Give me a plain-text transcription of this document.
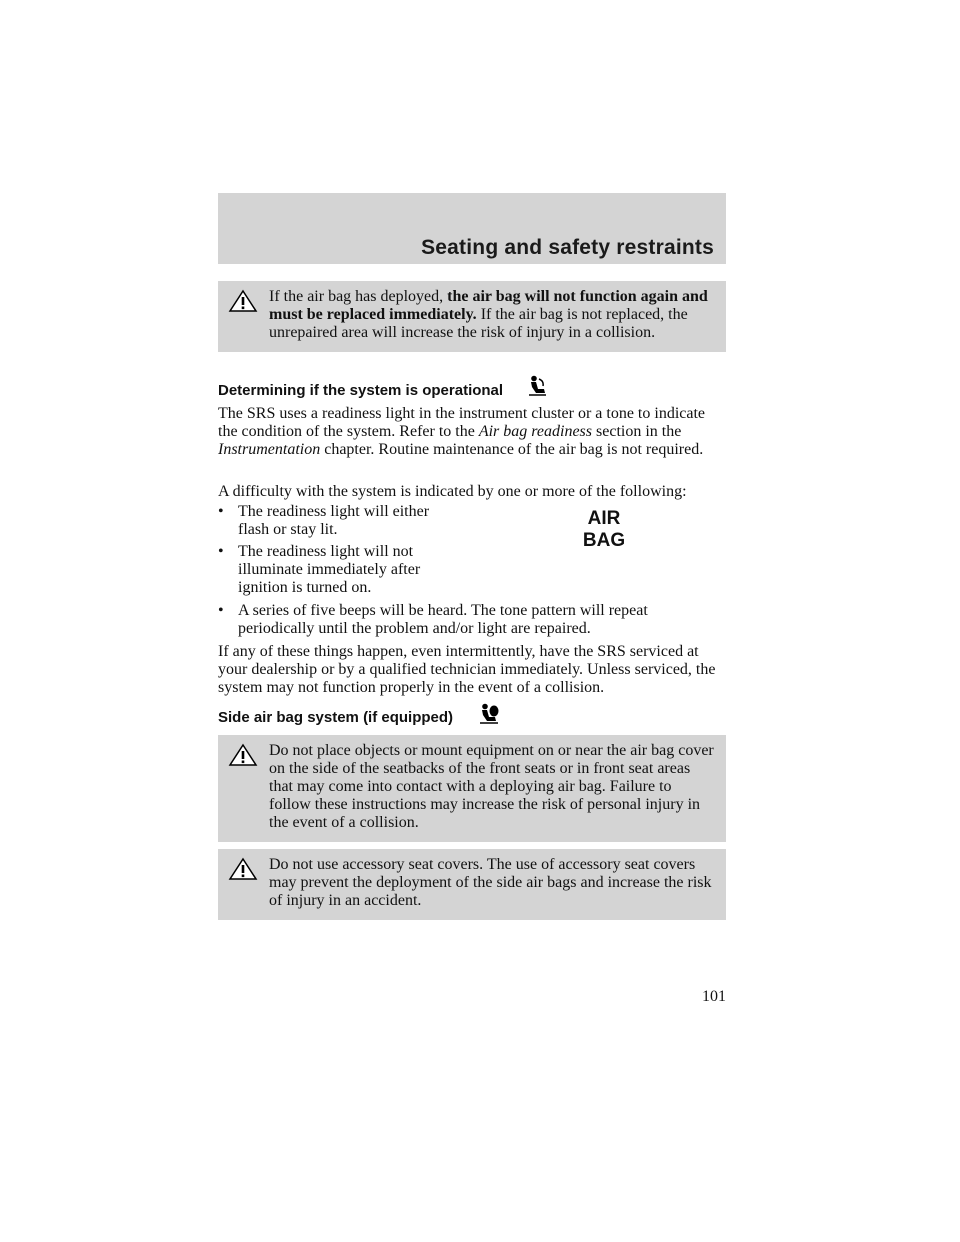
Seating and safety restraints
If the air bag has deployed, the air bag will not function again and must be replaced immediately. If the air bag is not replaced, the unrepaired area will increase the risk of injury in a collision.
Determining if the system is operational
The SRS uses a readiness light in the instrument cluster or a tone to indicate the condition of the system. Refer to the Air bag readiness section in the Instrumentation chapter. Routine maintenance of the air bag is not required.
A difficulty with the system is indicated by one or more of the following:
• The readiness light will either flash or stay lit.
• The readiness light will not illuminate immediately after ignition is turned on.
• A series of five beeps will be heard. The tone pattern will repeat periodically until the problem and/or light are repaired.
AIR
BAG
If any of these things happen, even intermittently, have the SRS serviced at your dealership or by a qualified technician immediately. Unless serviced, the system may not function properly in the event of a collision.
Side air bag system (if equipped)
Do not place objects or mount equipment on or near the air bag cover on the side of the seatbacks of the front seats or in front seat areas that may come into contact with a deploying air bag. Failure to follow these instructions may increase the risk of personal injury in the event of a collision.
Do not use accessory seat covers. The use of accessory seat covers may prevent the deployment of the side air bags and increase the risk of injury in an accident.
101
